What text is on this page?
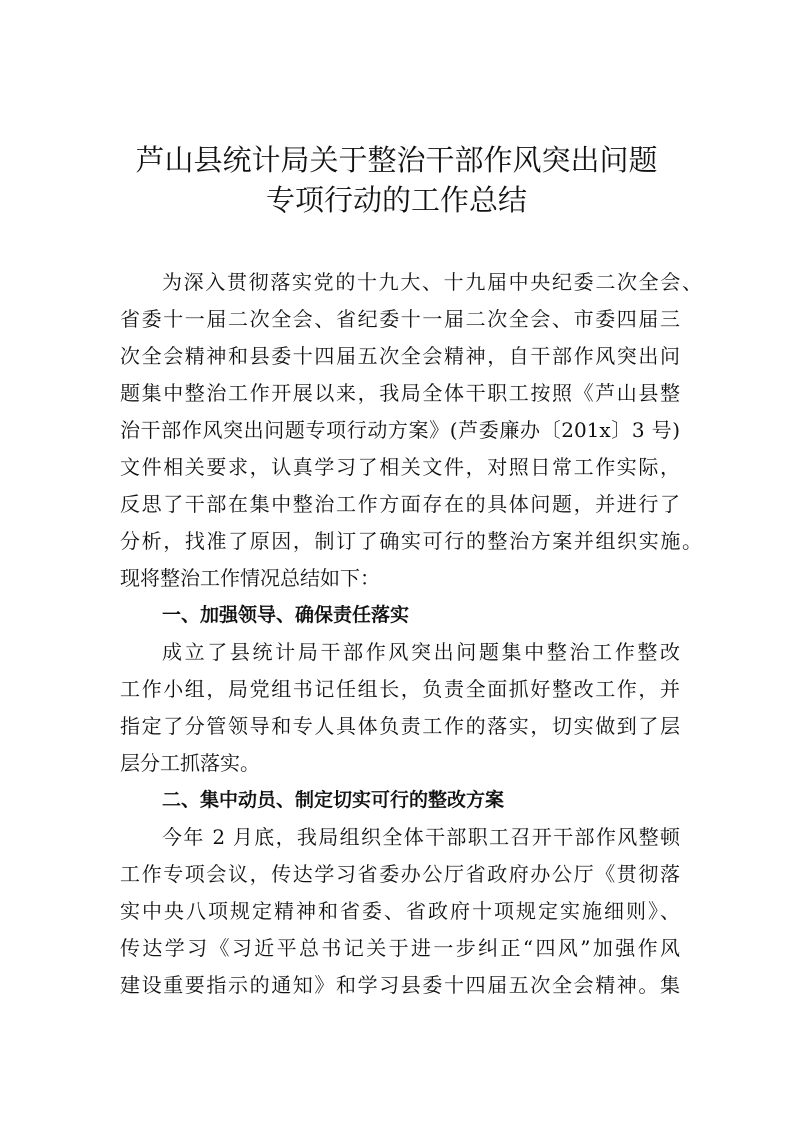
芦山县统计局关于整治干部作风突出问题
专项行动的工作总结
为深入贯彻落实党的十九大、十九届中央纪委二次全会、
省委十一届二次全会、省纪委十一届二次全会、市委四届三
次全会精神和县委十四届五次全会精神，自干部作风突出问
题集中整治工作开展以来，我局全体干职工按照《芦山县整
治干部作风突出问题专项行动方案》(芦委廉办〔201x〕3 号)
文件相关要求，认真学习了相关文件，对照日常工作实际，
反思了干部在集中整治工作方面存在的具体问题，并进行了
分析，找准了原因，制订了确实可行的整治方案并组织实施。
现将整治工作情况总结如下：
一、加强领导、确保责任落实
成立了县统计局干部作风突出问题集中整治工作整改
工作小组，局党组书记任组长，负责全面抓好整改工作，并
指定了分管领导和专人具体负责工作的落实，切实做到了层
层分工抓落实。
二、集中动员、制定切实可行的整改方案
今年 2 月底，我局组织全体干部职工召开干部作风整顿
工作专项会议，传达学习省委办公厅省政府办公厅《贯彻落
实中央八项规定精神和省委、省政府十项规定实施细则》、
传达学习《习近平总书记关于进一步纠正“四风”加强作风
建设重要指示的通知》和学习县委十四届五次全会精神。集
